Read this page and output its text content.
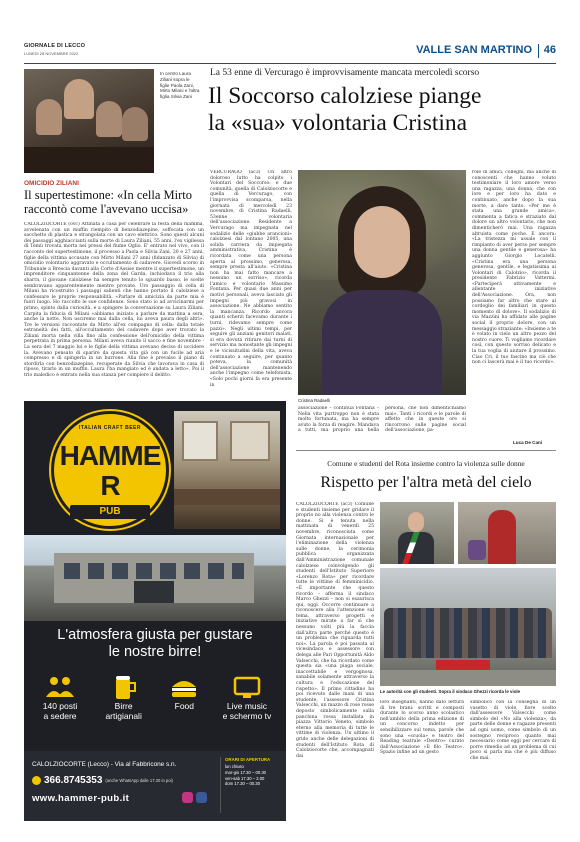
GIORNALE DI LECCO
LUNEDÌ 28 NOVEMBRE 2022	VALLE SAN MARTINO 46
In centro Laura Ziliani sopra le figlie Paola Zani, Mirto Milani e l'altra figlia Silvia Zani
OMICIDIO ZILIANI
Il supertestimone: «In cella Mirto
raccontò come l'avevano uccisa»

CALOLZIOCORTE (ovc) Attinata a casa per celebrare la festa della mamma, avvelenata con un muffin riempito di benzodiazepine, soffocata con un sacchetto di plastica e strangolata con un cavo elettrico. Sono questi alcuni dei passaggi agghiaccianti sulla morte di Laura Ziliani, 55 anni, l'ex vigilessa di Temù trovata morta nei pressi del fiume Oglio. E' entrato nel vivo, con il racconto del supertestimone, il processo a Paola e Silvia Zani, 20 e 27 anni, figlie della vittima accusate con Mirto Milani 27 anni (fidanzato di Silvia) di omicidio volontario aggravato e occultamento di cadavere. Giovedì scorso in Tribunale a Brescia davanti alla Corte d'Assise mentre il supertestimone, un imprenditore cinquantenne della zona del Garda, inchiodava il trio alla sbarra, il giovane calolziese ha sempre tenuto lo sguardo basso, le scelte sembravano apparentemente mentre provate. Uro passaggio di cella di Milani ha ricostruito i passaggi salienti che hanno portato il calolziese a confessare le proprie responsabilità. «Parlare di amicizia da parte mia è fuori luogo. Ho raccolto le sue confidenze. Sono stato io ad avvicinarmi per primo, spinto dalla curiosità, e a spingere la conversazione su Laura Ziliani. Carpita la fiducia di Milani «abbiamo iniziato a parlare da mattina a sera, anche la notte. Non usciremo mai dalla cella, lui aveva paura degli altri». Tre le versioni raccontate da Mirto all'ex compagno di cella: dalla totale estraneità dei fatti, all'occultamento del cadavere dopo aver trovato la Ziliani morta nella villa fino alla confessione dell'omicidio della vittima perpetrata in prima persona. Milani aveva riunito il sacco e fine novembre - La sera del 7 maggio lui e le figlie della vittima avevano deciso di uccidere la. Avevano pensato di sparire da questa vita già con un fucile ad aria compresso e di spingerla in un burrone. Alla fine è prevalso il piano di stordirla con benzodiazepine, recuperate da Silvia che lavorava in casa di riposo, tirarlo in un muffin. Laura l'ha mangiato ed è andata a letto». Poi il trio maledico è entrato nella sua stanza per compiere il delitto.

La 53 enne di Vercurago è improvvisamente mancata mercoledì scorso
Il Soccorso calolziese piange
la «sua» volontaria Cristina

VERCURAGO (ac3) Un altro doloroso lutto ha colpito i Volontari del Soccorso: e due comunità, quella di Calolziocorte e quella di Vercurago, con l'improvvisa scomparsa, nella giornata di mercoledì 23 novembre, di Cristina Radaelli, 53enne volontaria dell'associazione. Residente a Vercurago ma impegnata nel sodalizio delle «giubbe arancioni» calolziesi dal lontano 2005, una solida carriera da impiegata amministrativa, Cristina è ricordata come una persona aperta al prossimo, generosa, sempre presta all'aiuto. «Cristina non ha mai fatto mancare a nessuno un sorriso», ricorda l'amico e volontario Massimo Fontana. Per quasi due anni per motivi personali, aveva lasciato gli impegni più gravosi in associazione. Ne abbiamo sentito la mancanza. Ricordo ancora quanti scherzi facevamo durante i turni, ridevamo sempre come pazzi». Negli ultimi tempi, per seguire gli anziani genitori malati, si era dovuta ritirare dai turni di servizio ma nonostante gli impegni e le vicissitudini della vita, aveva continuato a seguire, per quanto poteva, la comunità dell'associazione mantenendo anche l'impegno come telefonista. «Solo pochi giorni fa era presente in

Cristina Radaelli

associazione – continua Fontana – Nella vita purtroppo non è stata molto fortunata, ma ha sempre avuto la forza di reagire. Mandava a tutti, ma proprio una bella persona, che non dimentichiamo mai». Tanti i ricordi e le parole di affetto che in queste ore si rincorrono sulle pagine social dell'associazione, pa-

role di amici, colleghi, ma anche di conoscenti che hanno voluto testimoniare il loro amore verso una ragazza, una donna, che con lore e per loro ha dato e continuato, anche dopo la sua morte, a dare tanto. «Per me è stata una grande amica», commenta a fatica e straziato dal dolore un altro volontario, che non dimenticherò mai. Una ragazza altruista come poche. E ancora: «La tristezza mi assale con il rimpianto di aver perso per sempre una donna gentile e generosa» ha aggiunto Giorgio Locatelli. «Cristina era una persona generosa, gentile, e legatissima ai Volontari di Calolzio», ricorda il presidente Fabrizio Vattermi. «Parteciperà attivamente e allentante iniziative dell'Associazione. Ora, non possiamo far altro che stare al cordoglio dei familiari in questo momento di dolore». Il sodalizio di via Mazzini ha affidato alle pagine social il proprio dolore, con un messaggio straziante: «Insieme a te è volato in cielo un altro pezzo del nostro cuore. Ti vogliamo ricordare così, con questo sorriso delicato e la tua voglia di aiutare il prossimo. Ciao Cri, il tuo fascino ma ciò che non ci lascerà mai è il tuo ricordo».

Luca De Cani
ITALIAN CRAFT BEER
HAMMER
PUB
L'atmosfera giusta per gustare
le nostre birre!
140 posti
a sedere
Birre
artigianali
Food	Live music
e schermo tv
CALOLZIOCORTE (Lecco) - Via al Fabbricone s.n.
366.8745353 (anche WhatsApp dalle 17.30 in poi)
www.hammer-pub.it
ORARI DI APERTURA
lun chiuso
mar-gio 17.30 – 00.30
ven-sab 17.30 – 2.00
dom 17.30 – 00.30
Comune e studenti del Rota insieme contro la violenza sulle donne
Rispetto per l'altra metà del cielo

CALOLZIOCORTE (ac3) Comune e studenti insieme per gridare il proprio no alla violenza contro le donne. Si è tenuta nella mattinata di venerdì 25 novembre, riconosciuta come Giornata internazionale per l'eliminazione della violenza sulle donne, la cerimonia pubblica organizzata dall'Amministrazione comunale calolziese coinvolgendo gli studenti dell'Istituto Superiore «Lorenzo Rota» per ricordare tutte le vittime di femminicidio. «È importante che questo ricordo – afferma il sindaco Marco Ghezzi – non si esaurisca qui, oggi. Occorre continuare a riconoscere alla l'attenzione sul tema, attraverso progetti e iniziative mirate a far sì che nessuno volti più la faccia dall'altra parte perché questo è un problema che riguarda tutti noi». La parola è poi passata al vicesindaco e assessore con delega alle Pari Opportunità Aldo Valsecchi, che ha ricordato come questa sia «una piaga sociale, inaccettabile e vergognosa, sanabile solamente attraverso la cultura e l'educazione del rispetto». Il primo cittadino ha poi ricevuto dalle mani di una studente, l'assessore Cristina Valsecchi, un mazzo di rose rosse deposto simbolicamente sulla panchina rossa installata in piazza Vittorio Veneto, simbolo eterno alla memoria di tutte le vittime di violenza. Un ultimo il grido anche delle delegazioni di studenti dell'Istituto Rota di Calolziocorte che, accompagnati dai

Le autorità con gli studenti. Sopra il sindaco Ghezzi ricorda le viole

loro insegnanti, hanno dato lettura di tre brani: scritti e composti durante lo scorso anno scolastico nell'ambito della prima edizione di un concorso indetto per sensibilizzare sul tema, parole che sono una «scuola» e teatro del Reading teatrale «Dentro» curato dall'Associazione «Il filo Teatro». Spazio infine ad un gesto

simbolico con la consegna di un vasetto di viole, fiore scelto dall'assessore Valsecchi come simbolo del «No alla violenza», da parte delle donne e ragazze presenti ad ogni uomo, come simbolo di un sostegno reciproco quanto mai necessario come oggi per cercare di porre rimedio ad un problema di cui poco si parla ma che è più diffuso che mai.
